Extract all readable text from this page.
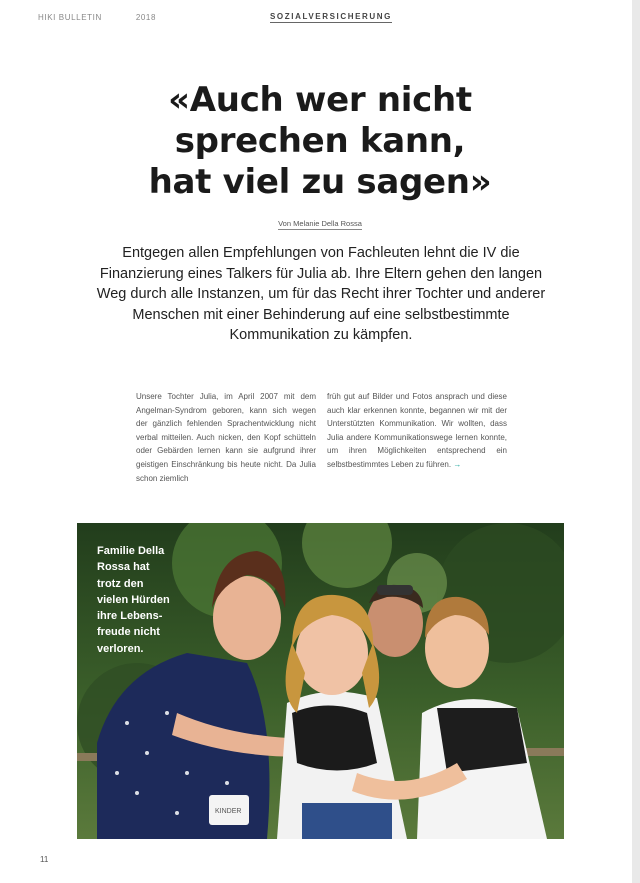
HIKI BULLETIN	2018	SOZIALVERSICHERUNG
«Auch wer nicht
sprechen kann,
hat viel zu sagen»
Von Melanie Della Rossa
Entgegen allen Empfehlungen von Fachleuten lehnt die IV die Finanzierung eines Talkers für Julia ab. Ihre Eltern gehen den langen Weg durch alle Instanzen, um für das Recht ihrer Tochter und anderer Menschen mit einer Behinderung auf eine selbstbestimmte Kommunikation zu kämpfen.
Unsere Tochter Julia, im April 2007 mit dem Angelman-Syndrom geboren, kann sich wegen der gänzlich fehlenden Sprachentwicklung nicht verbal mitteilen. Auch nicken, den Kopf schütteln oder Gebärden lernen kann sie aufgrund ihrer geistigen Einschränkung bis heute nicht. Da Julia schon ziemlich
früh gut auf Bilder und Fotos ansprach und diese auch klar erkennen konnte, begannen wir mit der Unterstützten Kommunikation. Wir wollten, dass Julia andere Kommunikationswege lernen konnte, um ihren Möglichkeiten entsprechend ein selbstbestimmtes Leben zu führen. →
KINDER
Familie Della
Rossa hat
trotz den
vielen Hürden
ihre Lebens-
freude nicht
verloren.
11
